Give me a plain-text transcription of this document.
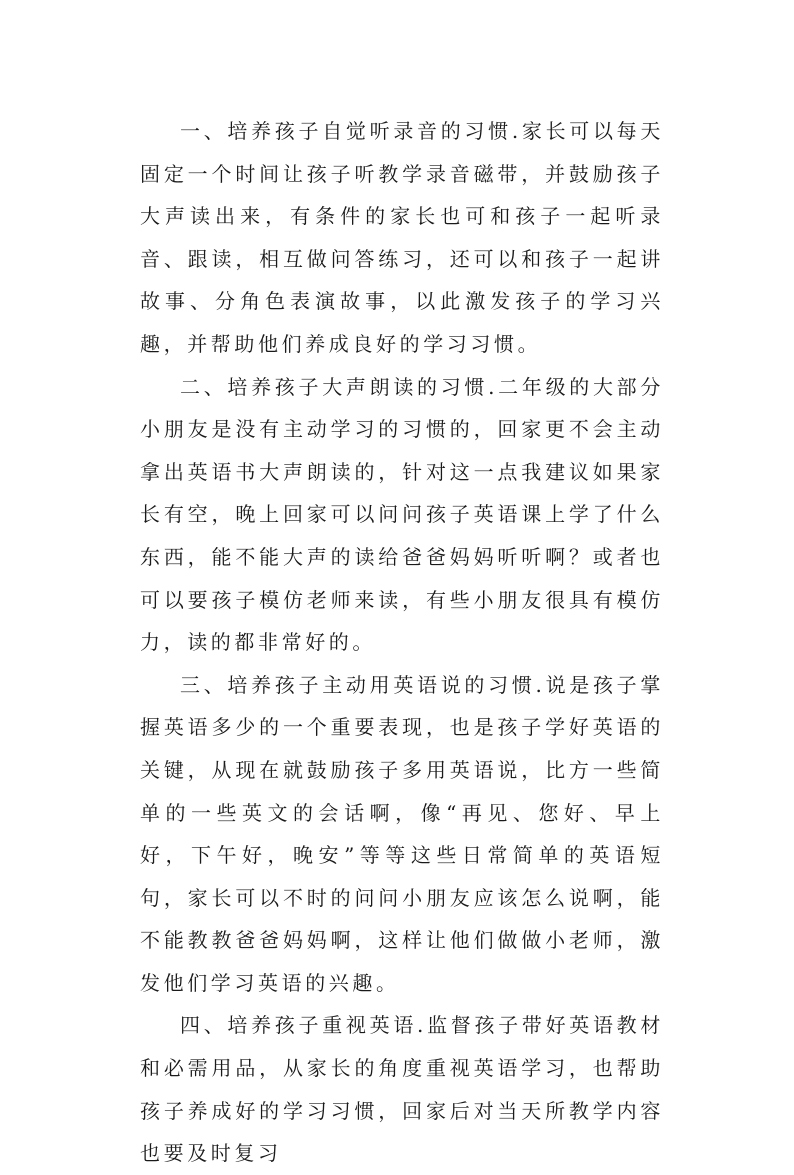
一、培养孩子自觉听录音的习惯.家长可以每天固定一个时间让孩子听教学录音磁带，并鼓励孩子大声读出来，有条件的家长也可和孩子一起听录音、跟读，相互做问答练习，还可以和孩子一起讲故事、分角色表演故事，以此激发孩子的学习兴趣，并帮助他们养成良好的学习习惯。

二、培养孩子大声朗读的习惯.二年级的大部分小朋友是没有主动学习的习惯的，回家更不会主动拿出英语书大声朗读的，针对这一点我建议如果家长有空，晚上回家可以问问孩子英语课上学了什么东西，能不能大声的读给爸爸妈妈听听啊？或者也可以要孩子模仿老师来读，有些小朋友很具有模仿力，读的都非常好的。

三、培养孩子主动用英语说的习惯.说是孩子掌握英语多少的一个重要表现，也是孩子学好英语的关键，从现在就鼓励孩子多用英语说，比方一些简单的一些英文的会话啊，像“再见、您好、早上好，下午好，晚安”等等这些日常简单的英语短句，家长可以不时的问问小朋友应该怎么说啊，能不能教教爸爸妈妈啊，这样让他们做做小老师，激发他们学习英语的兴趣。

四、培养孩子重视英语.监督孩子带好英语教材和必需用品，从家长的角度重视英语学习，也帮助孩子养成好的学习习惯，回家后对当天所教学内容也要及时复习
